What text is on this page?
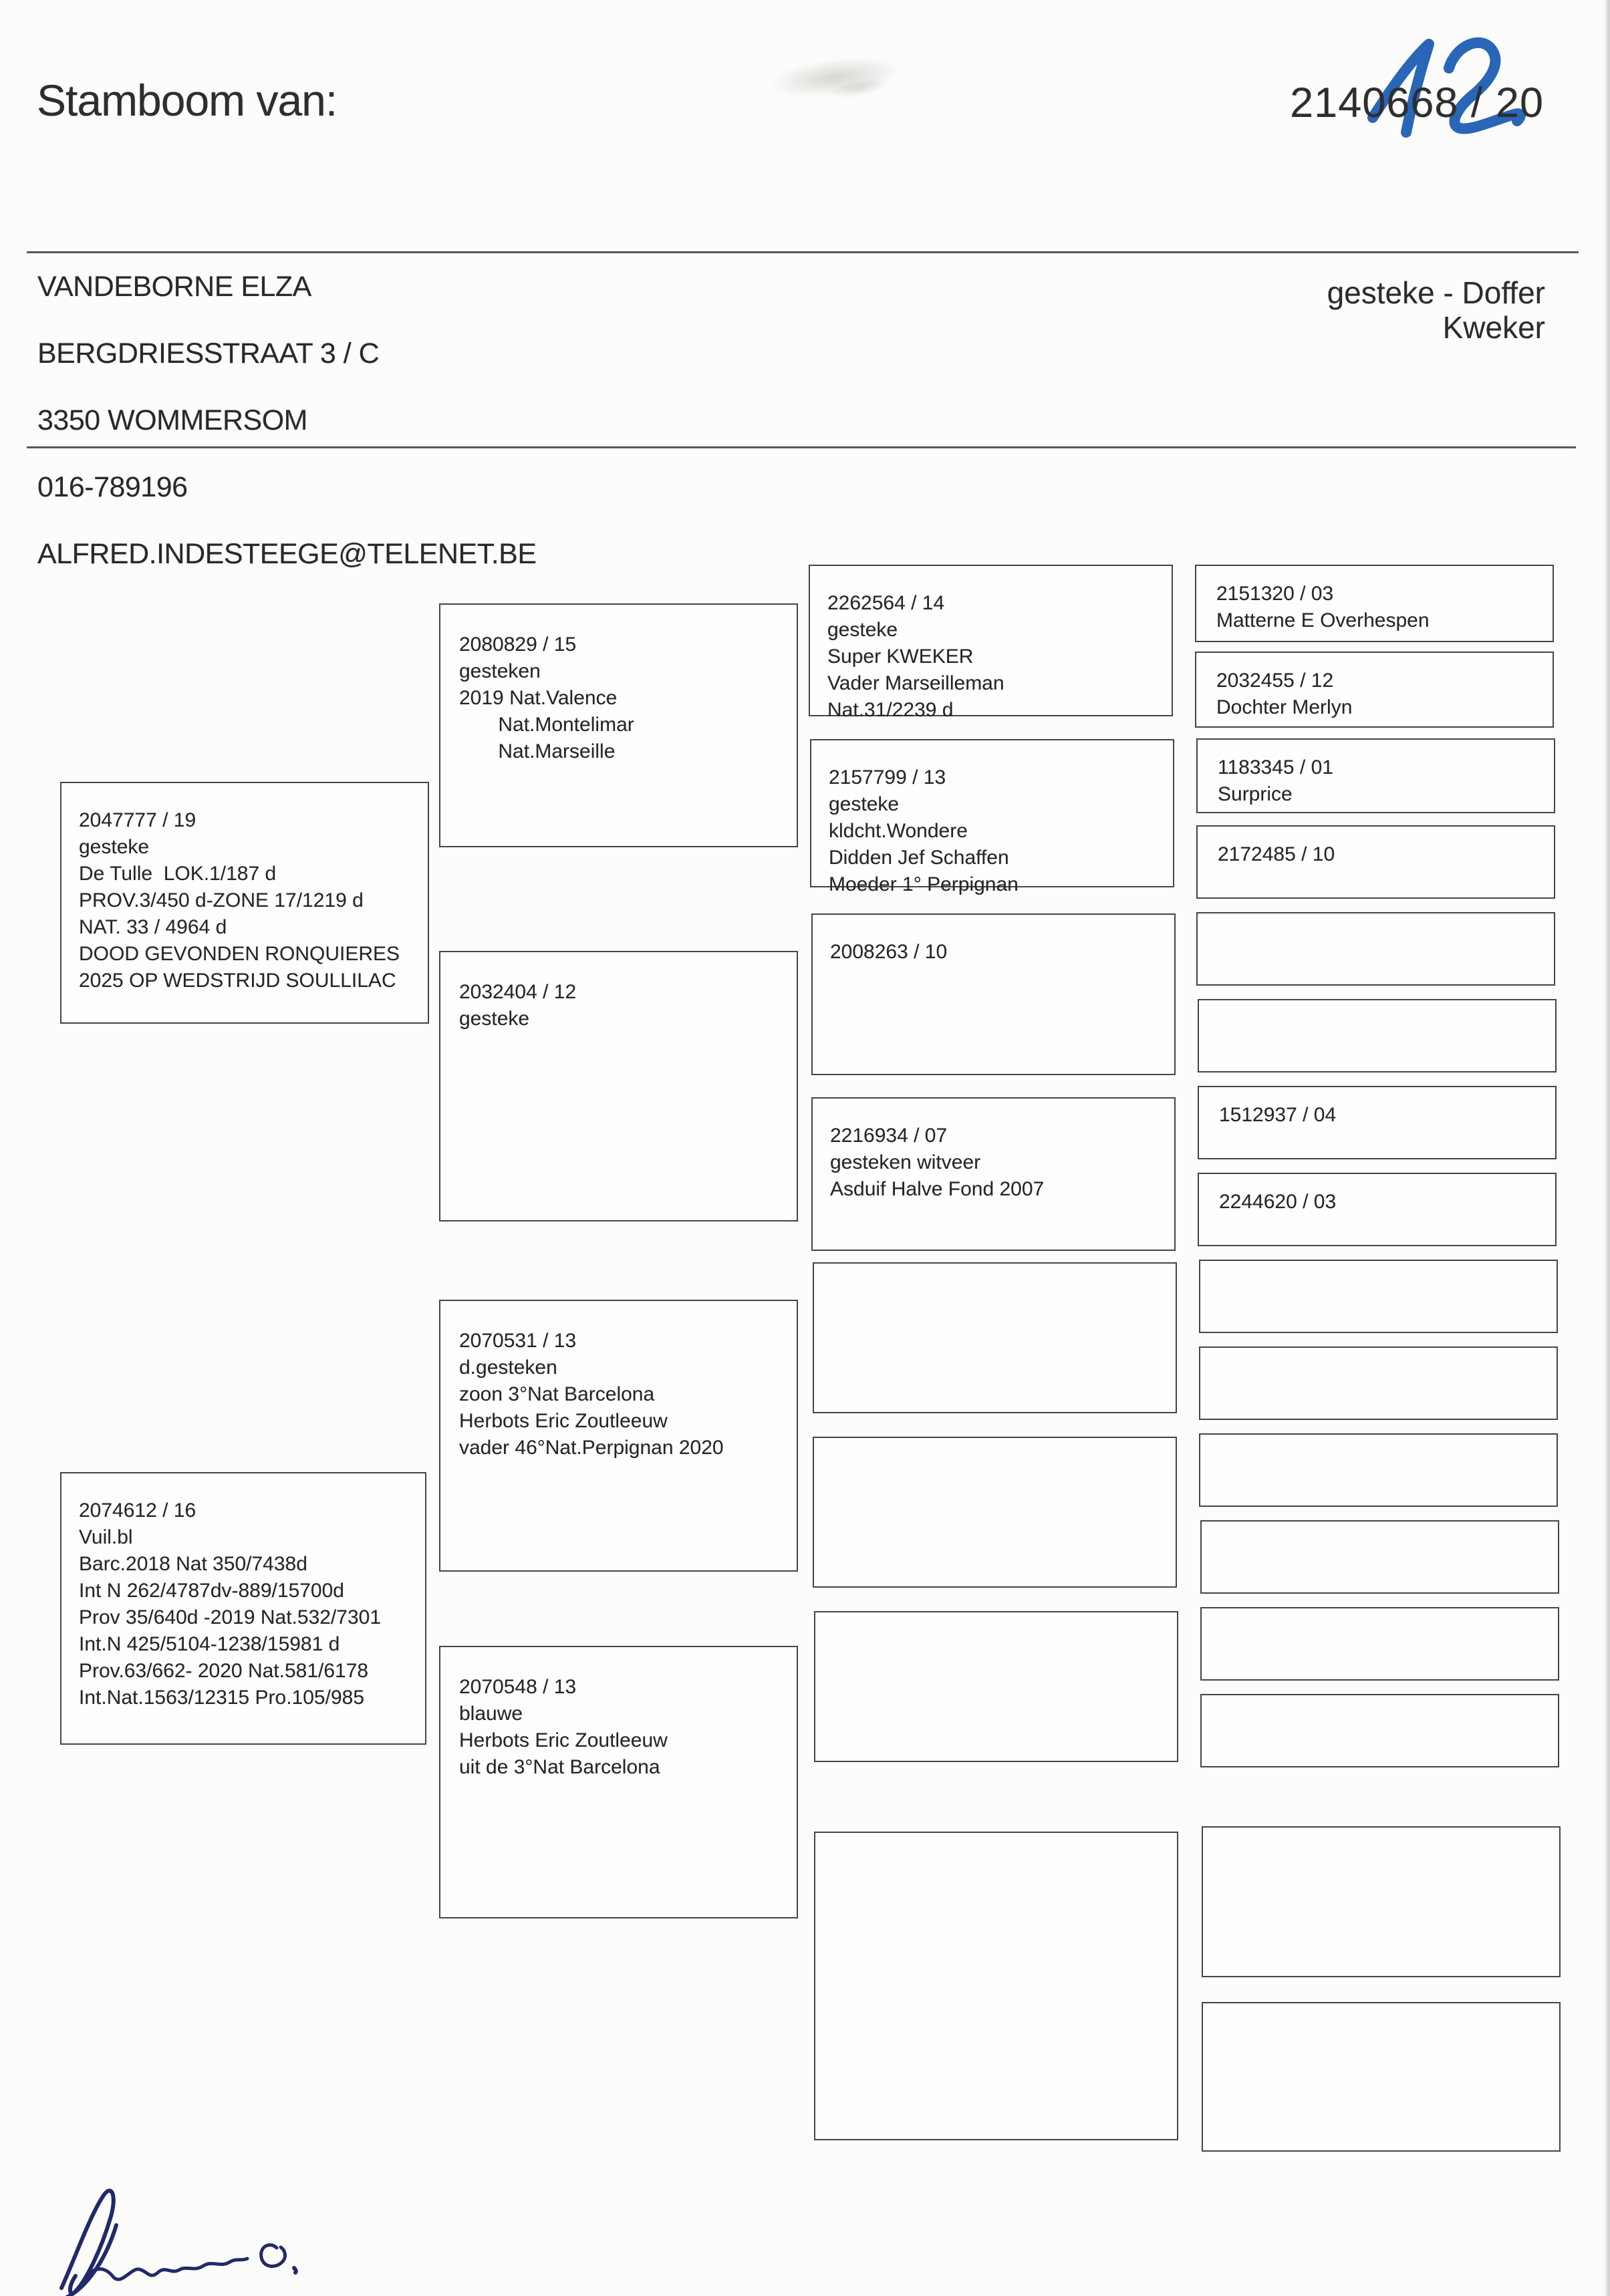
Stamboom van:	2140668 / 20
VANDEBORNE ELZA

BERGDRIESSTRAAT 3 / C

3350 WOMMERSOM

016-789196

ALFRED.INDESTEEGE@TELENET.BE
gesteke - Doffer
Kweker
2047777 / 19
gesteke
De Tulle  LOK.1/187 d
PROV.3/450 d-ZONE 17/1219 d
NAT. 33 / 4964 d
DOOD GEVONDEN RONQUIERES
2025 OP WEDSTRIJD SOULLILAC
2074612 / 16
Vuil.bl
Barc.2018 Nat 350/7438d
Int N 262/4787dv-889/15700d
Prov 35/640d -2019 Nat.532/7301
Int.N 425/5104-1238/15981 d
Prov.63/662- 2020 Nat.581/6178
Int.Nat.1563/12315 Pro.105/985
2080829 / 15
gesteken
2019 Nat.Valence
Nat.Montelimar
Nat.Marseille
2032404 / 12
gesteke
2070531 / 13
d.gesteken
zoon 3°Nat Barcelona
Herbots Eric Zoutleeuw
vader 46°Nat.Perpignan 2020
2070548 / 13
blauwe
Herbots Eric Zoutleeuw
uit de 3°Nat Barcelona
2262564 / 14
gesteke
Super KWEKER
Vader Marseilleman
Nat.31/2239 d
2157799 / 13
gesteke
kldcht.Wondere
Didden Jef Schaffen
Moeder 1° Perpignan
2008263 / 10
2216934 / 07
gesteken witveer
Asduif Halve Fond 2007
2151320 / 03
Matterne E Overhespen
2032455 / 12
Dochter Merlyn
1183345 / 01
Surprice
2172485 / 10
1512937 / 04
2244620 / 03
